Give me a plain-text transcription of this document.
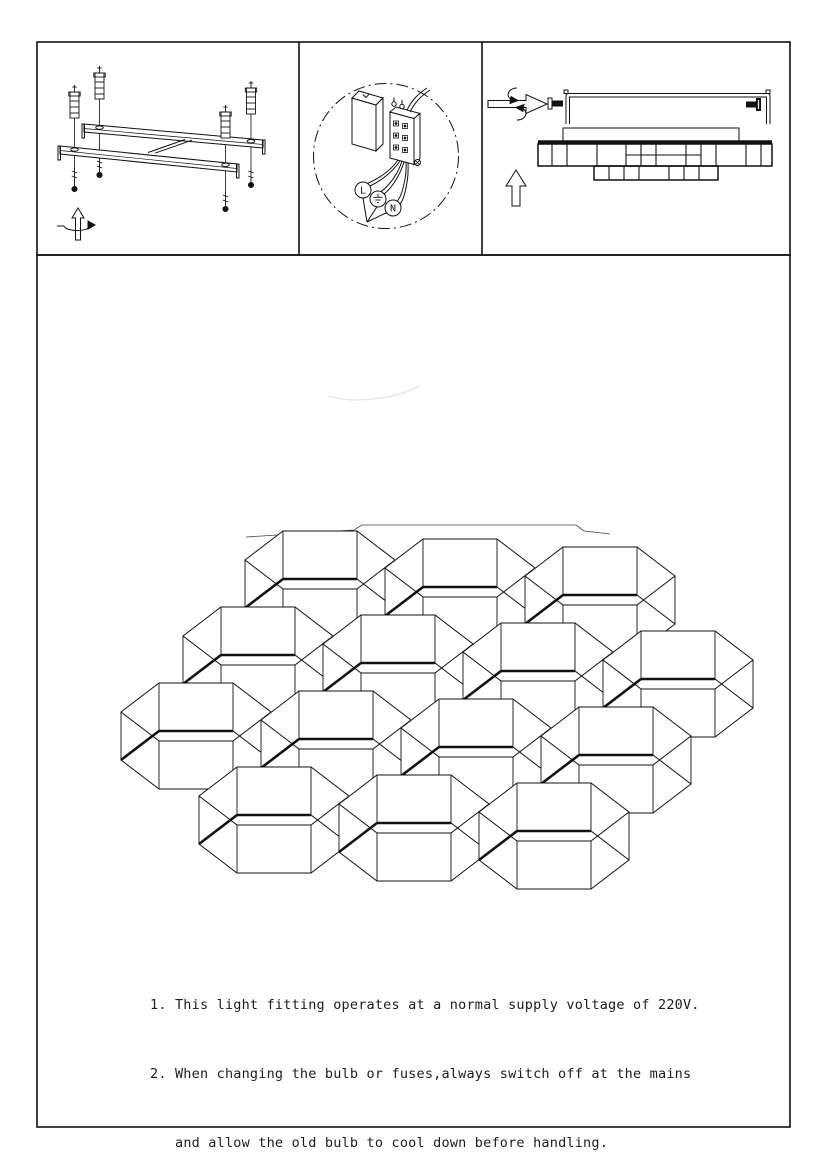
L
N

1. This light fitting operates at a normal supply voltage of 220V.

2. When changing the bulb or fuses,always switch off at the mains

and allow the old bulb to cool down before handling.
